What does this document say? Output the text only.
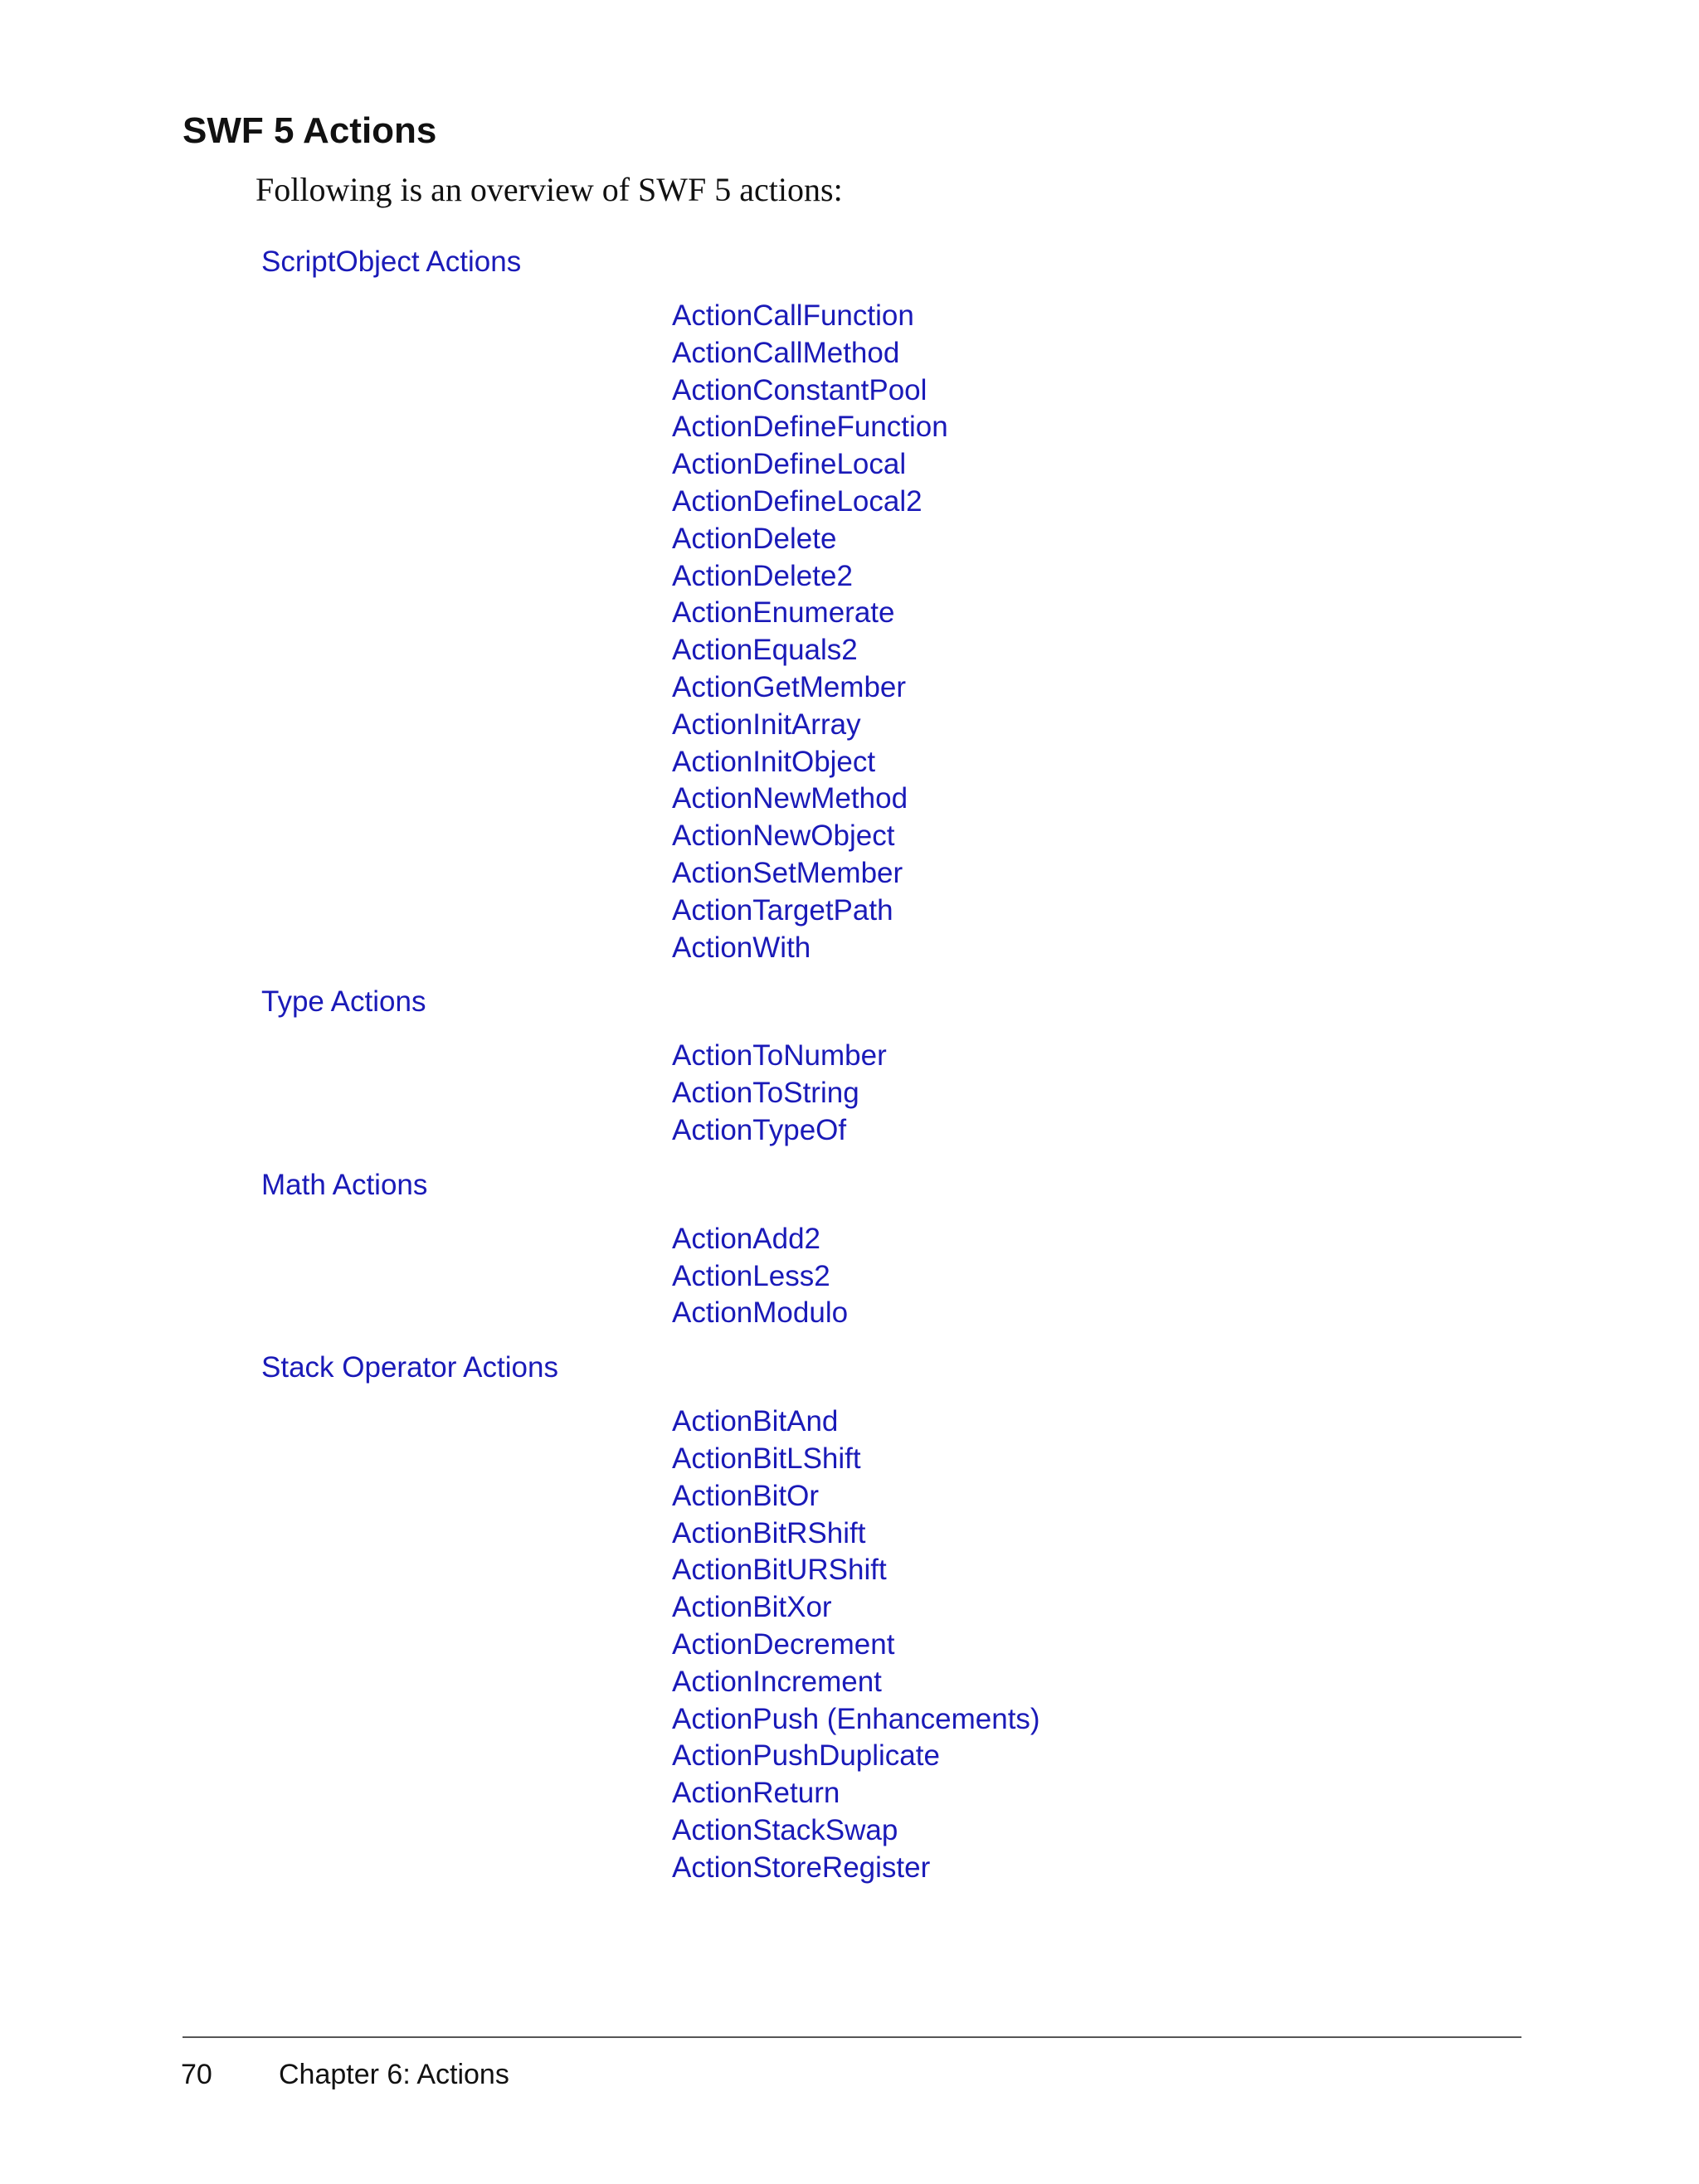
SWF 5 Actions

Following is an overview of SWF 5 actions:

ScriptObject Actions
ActionCallFunction
ActionCallMethod
ActionConstantPool
ActionDefineFunction
ActionDefineLocal
ActionDefineLocal2
ActionDelete
ActionDelete2
ActionEnumerate
ActionEquals2
ActionGetMember
ActionInitArray
ActionInitObject
ActionNewMethod
ActionNewObject
ActionSetMember
ActionTargetPath
ActionWith
Type Actions
ActionToNumber
ActionToString
ActionTypeOf
Math Actions
ActionAdd2
ActionLess2
ActionModulo
Stack Operator Actions
ActionBitAnd
ActionBitLShift
ActionBitOr
ActionBitRShift
ActionBitURShift
ActionBitXor
ActionDecrement
ActionIncrement
ActionPush (Enhancements)
ActionPushDuplicate
ActionReturn
ActionStackSwap
ActionStoreRegister
70 Chapter 6: Actions
